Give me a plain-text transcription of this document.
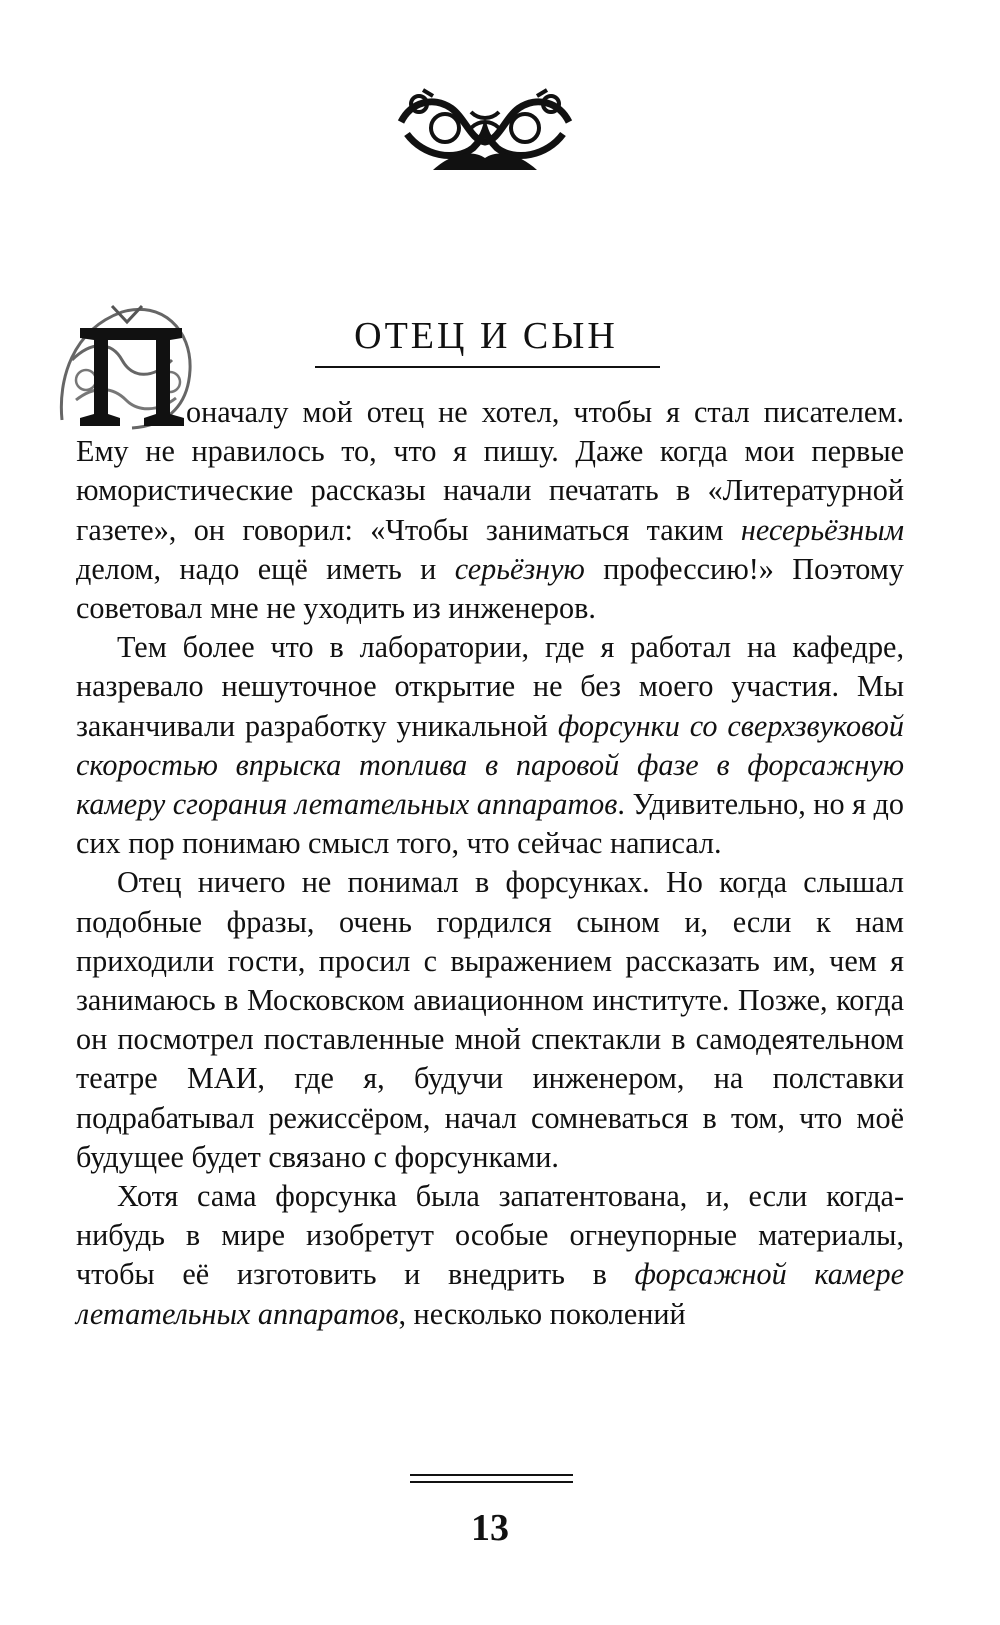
ОТЕЦ И СЫН

оначалу мой отец не хотел, чтобы я стал писателем. Ему не нравилось то, что я пишу. Даже когда мои первые юмористические рассказы начали печатать в «Литературной газете», он говорил: «Чтобы заниматься таким несерьёзным делом, надо ещё иметь и серьёзную профессию!» Поэтому советовал мне не уходить из инженеров.

Тем более что в лаборатории, где я работал на кафедре, назревало нешуточное открытие не без моего участия. Мы заканчивали разработку уникальной форсунки со сверхзвуковой скоростью впрыска топлива в паровой фазе в форсажную камеру сгорания летательных аппаратов. Удивительно, но я до сих пор понимаю смысл того, что сейчас написал.

Отец ничего не понимал в форсунках. Но когда слышал подобные фразы, очень гордился сыном и, если к нам приходили гости, просил с выражением рассказать им, чем я занимаюсь в Московском авиационном институте. Позже, когда он посмотрел поставленные мной спектакли в самодеятельном театре МАИ, где я, будучи инженером, на полставки подрабатывал режиссёром, начал сомневаться в том, что моё будущее будет связано с форсунками.

Хотя сама форсунка была запатентована, и, если когда-нибудь в мире изобретут особые огнеупорные материалы, чтобы её изготовить и внедрить в форсажной камере летательных аппаратов, несколько поколений

13
